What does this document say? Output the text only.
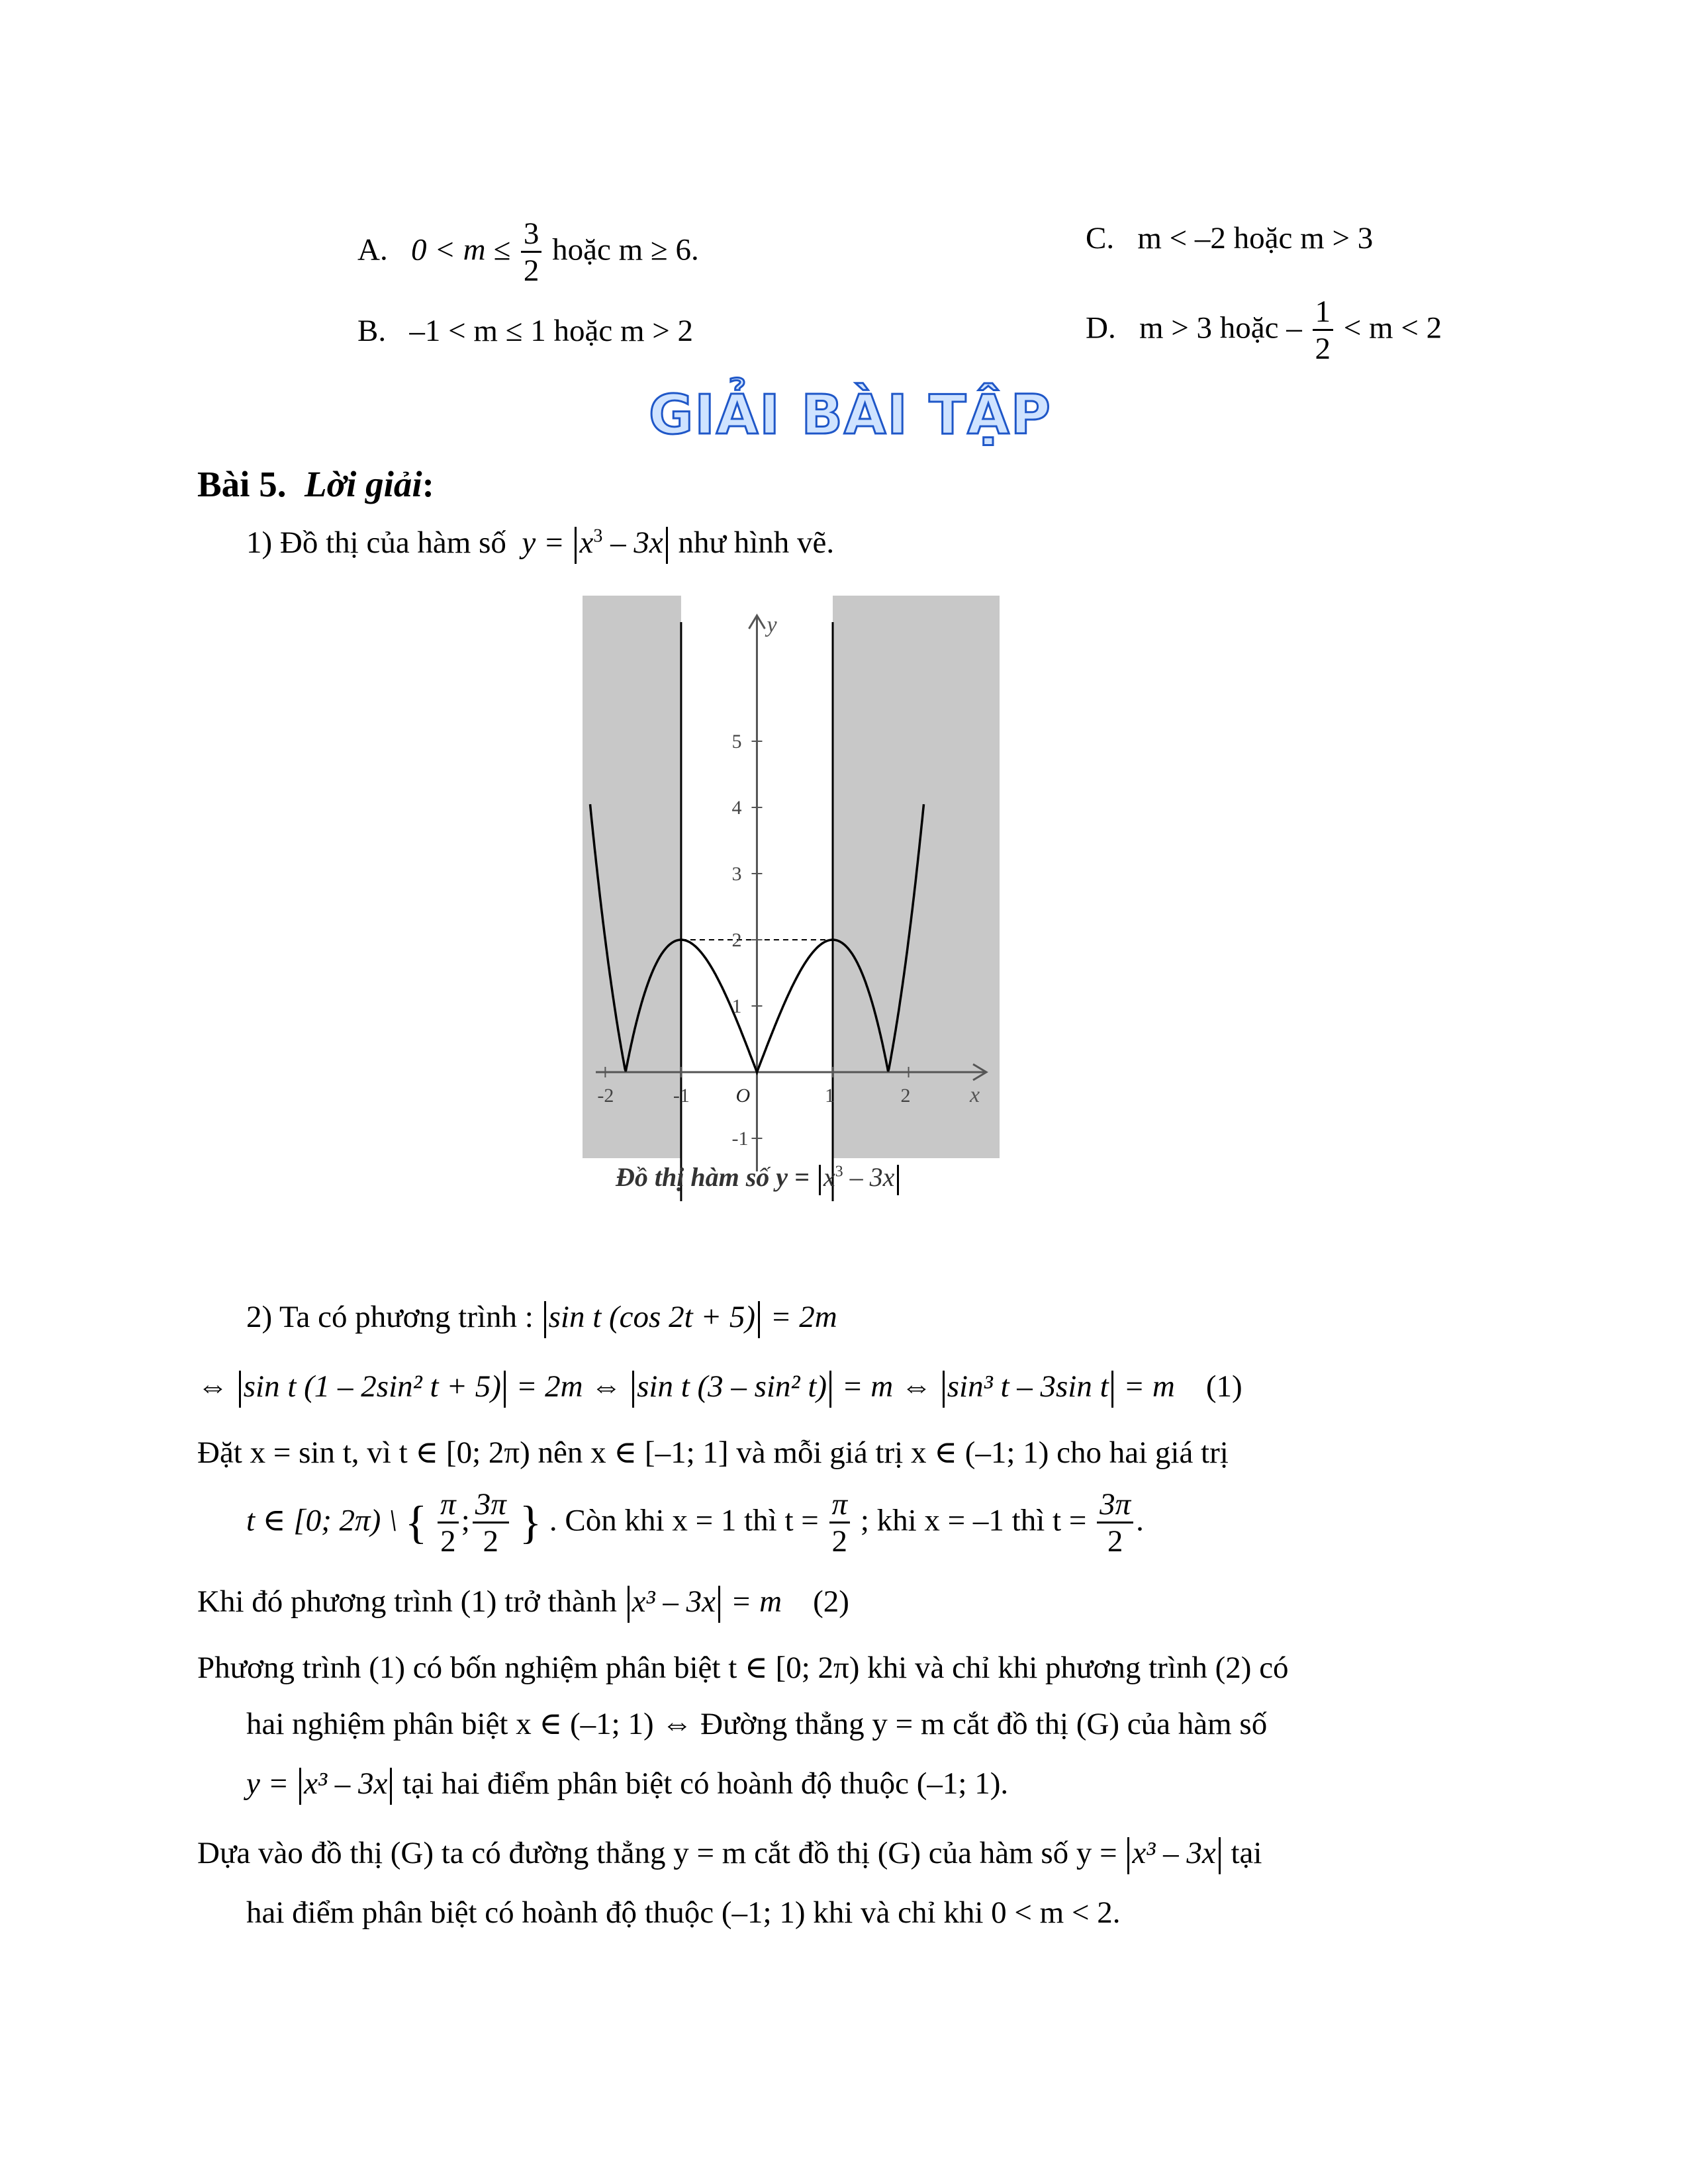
A. $0 < m \le \frac{3}{2}$ hoặc m ≥ 6.	C. m < –2 hoặc m > 3
B. –1 < m ≤ 1 hoặc m > 2	D. m > 3 hoặc – $\frac{1}{2} < m < 2$
GIẢI BÀI TẬP
Bài 5. Lời giải:
1) Đồ thị của hàm số $y = x^3 - 3x$ như hình vẽ.
y
x
O
-2	-1	1	2
-1
1
2
3
4
5
Đồ thị hàm số $y = x^3 - 3x$
2) Ta có phương trình : sin t (cos 2t + 5) = 2m
⇔ sin t (1 – 2sin² t + 5) = 2m ⇔ sin t (3 – sin² t) = m ⇔ sin³ t – 3sin t = m (1)
Đặt x = sin t, vì t ∈ [0; 2π) nên x ∈ [–1; 1] và mỗi giá trị x ∈ (–1; 1) cho hai giá trị
t ∈ [0; 2π) \ { $\frac{\pi}{2}$ ; $\frac{3\pi}{2}$ } . Còn khi x = 1 thì $t = \frac{\pi}{2}$ ; khi x = –1 thì $t = \frac{3\pi}{2}$ .
Khi đó phương trình (1) trở thành x³ – 3x = m (2)
Phương trình (1) có bốn nghiệm phân biệt t ∈ [0; 2π) khi và chỉ khi phương trình (2) có
hai nghiệm phân biệt x ∈ (–1; 1) ⇔ Đường thẳng y = m cắt đồ thị (G) của hàm số
y = x³ – 3x tại hai điểm phân biệt có hoành độ thuộc (–1; 1).
Dựa vào đồ thị (G) ta có đường thẳng y = m cắt đồ thị (G) của hàm số y = x³ – 3x tại
hai điểm phân biệt có hoành độ thuộc (–1; 1) khi và chỉ khi 0 < m < 2.
